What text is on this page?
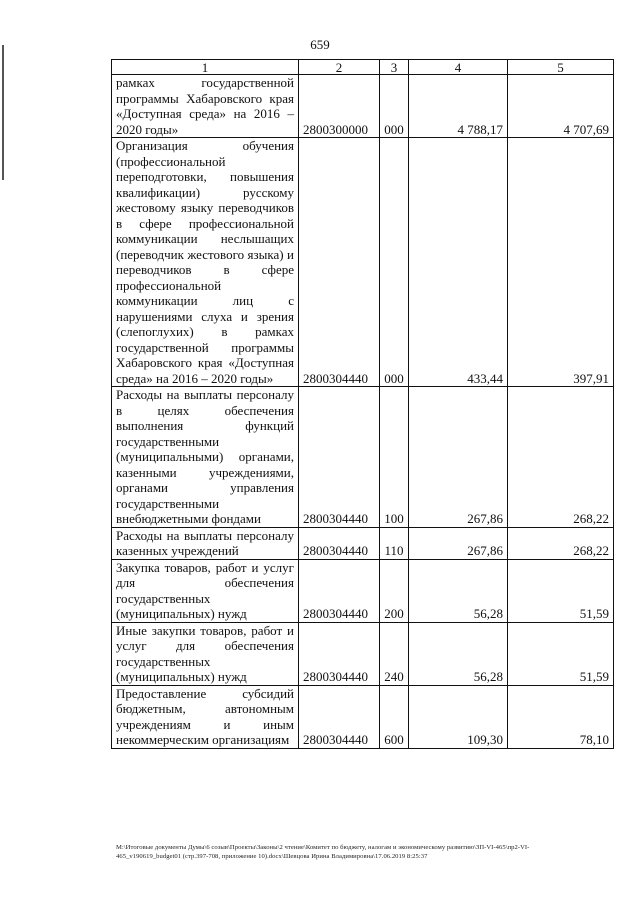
659
1	2	3	4	5
рамках государственной программы Хабаровского края «Доступная среда» на 2016 – 2020 годы»	2800300000	000	4 788,17	4 707,69
Организация обучения (профессиональной переподготовки, повышения квалификации) русскому жестовому языку переводчиков в сфере профессиональной коммуникации неслышащих (переводчик жестового языка) и переводчиков в сфере профессиональной коммуникации лиц с нарушениями слуха и зрения (слепоглухих) в рамках государственной программы Хабаровского края «Доступная среда» на 2016 – 2020 годы»	2800304440	000	433,44	397,91
Расходы на выплаты персоналу в целях обеспечения выполнения функций государственными (муниципальными) органами, казенными учреждениями, органами управления государственными внебюджетными фондами	2800304440	100	267,86	268,22
Расходы на выплаты персоналу казенных учреждений	2800304440	110	267,86	268,22
Закупка товаров, работ и услуг для обеспечения государственных (муниципальных) нужд	2800304440	200	56,28	51,59
Иные закупки товаров, работ и услуг для обеспечения государственных (муниципальных) нужд	2800304440	240	56,28	51,59
Предоставление субсидий бюджетным, автономным учреждениям и иным некоммерческим организациям	2800304440	600	109,30	78,10
М:\Итоговые документы Думы\6 созыв\Проекты\Законы\2 чтение\Комитет по бюджету, налогам и экономическому развитию\ЗП-VI-465\пр2-VI-
465_v190619_budget01 (стр.397-708, приложение 10).docx\Шевцова Ирина Владимировна\17.06.2019 8:25:37
